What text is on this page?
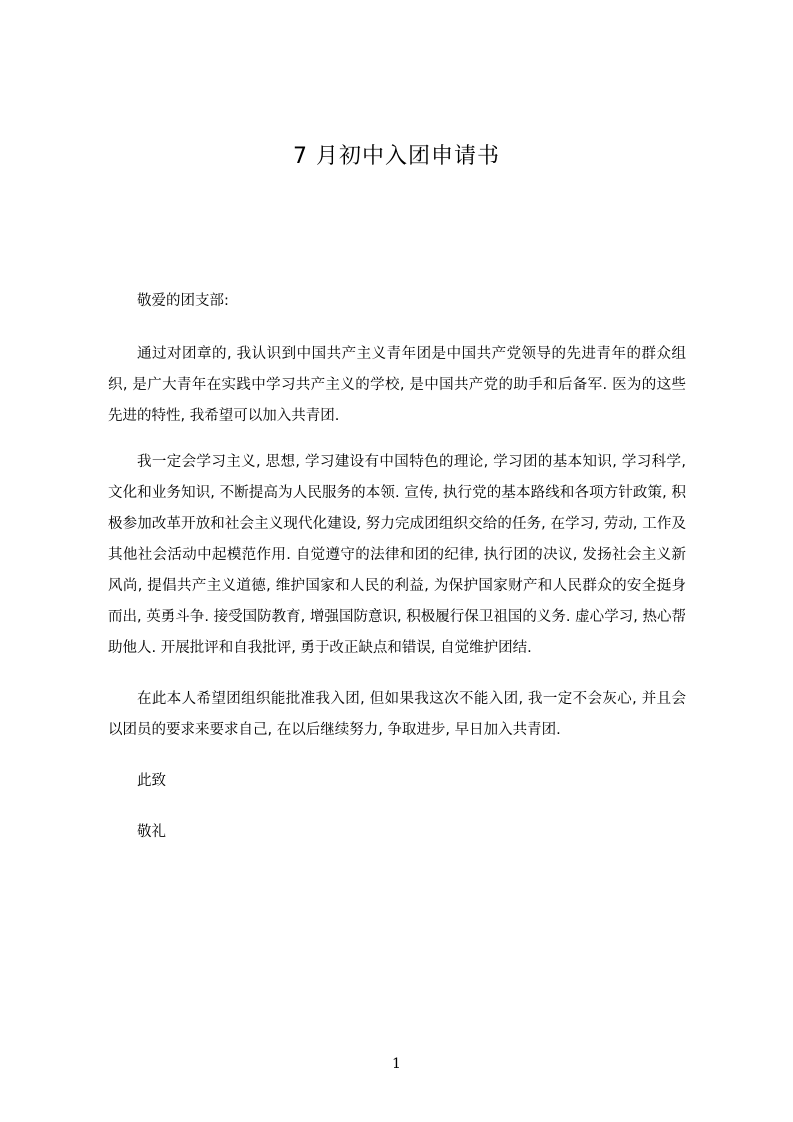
7 月初中入团申请书

敬爱的团支部:

通过对团章的, 我认识到中国共产主义青年团是中国共产党领导的先进青年的群众组织, 是广大青年在实践中学习共产主义的学校, 是中国共产党的助手和后备军. 医为的这些先进的特性, 我希望可以加入共青团.

我一定会学习主义, 思想, 学习建设有中国特色的理论, 学习团的基本知识, 学习科学, 文化和业务知识, 不断提高为人民服务的本领. 宣传, 执行党的基本路线和各项方针政策, 积极参加改革开放和社会主义现代化建设, 努力完成团组织交给的任务, 在学习, 劳动, 工作及其他社会活动中起模范作用. 自觉遵守的法律和团的纪律, 执行团的决议, 发扬社会主义新风尚, 提倡共产主义道德, 维护国家和人民的利益, 为保护国家财产和人民群众的安全挺身而出, 英勇斗争. 接受国防教育, 增强国防意识, 积极履行保卫祖国的义务. 虚心学习, 热心帮助他人. 开展批评和自我批评, 勇于改正缺点和错误, 自觉维护团结.

在此本人希望团组织能批准我入团, 但如果我这次不能入团, 我一定不会灰心, 并且会以团员的要求来要求自己, 在以后继续努力, 争取进步, 早日加入共青团.

此致

敬礼

1
